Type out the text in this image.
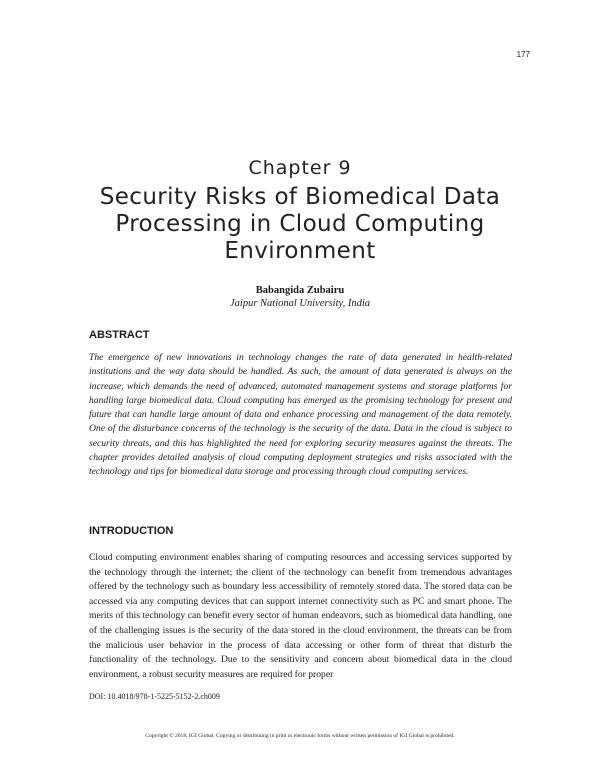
177
Chapter 9
Security Risks of Biomedical Data Processing in Cloud Computing Environment
Babangida Zubairu
Jaipur National University, India
ABSTRACT
The emergence of new innovations in technology changes the rate of data generated in health-related institutions and the way data should be handled. As such, the amount of data generated is always on the increase, which demands the need of advanced, automated management systems and storage platforms for handling large biomedical data. Cloud computing has emerged as the promising technology for present and future that can handle large amount of data and enhance processing and management of the data remotely. One of the disturbance concerns of the technology is the security of the data. Data in the cloud is subject to security threats, and this has highlighted the need for exploring security measures against the threats. The chapter provides detailed analysis of cloud computing deployment strategies and risks associated with the technology and tips for biomedical data storage and processing through cloud computing services.
INTRODUCTION
Cloud computing environment enables sharing of computing resources and accessing services supported by the technology through the internet; the client of the technology can benefit from tremendous advantages offered by the technology such as boundary less accessibility of remotely stored data. The stored data can be accessed via any computing devices that can support internet connectivity such as PC and smart phone. The merits of this technology can benefit every sector of human endeavors, such as biomedical data handling, one of the challenging issues is the security of the data stored in the cloud environment, the threats can be from the malicious user behavior in the process of data accessing or other form of threat that disturb the functionality of the technology. Due to the sensitivity and concern about biomedical data in the cloud environment, a robust security measures are required for proper
DOI: 10.4018/978-1-5225-5152-2.ch009
Copyright © 2018, IGI Global. Copying or distributing in print or electronic forms without written permission of IGI Global is prohibited.
